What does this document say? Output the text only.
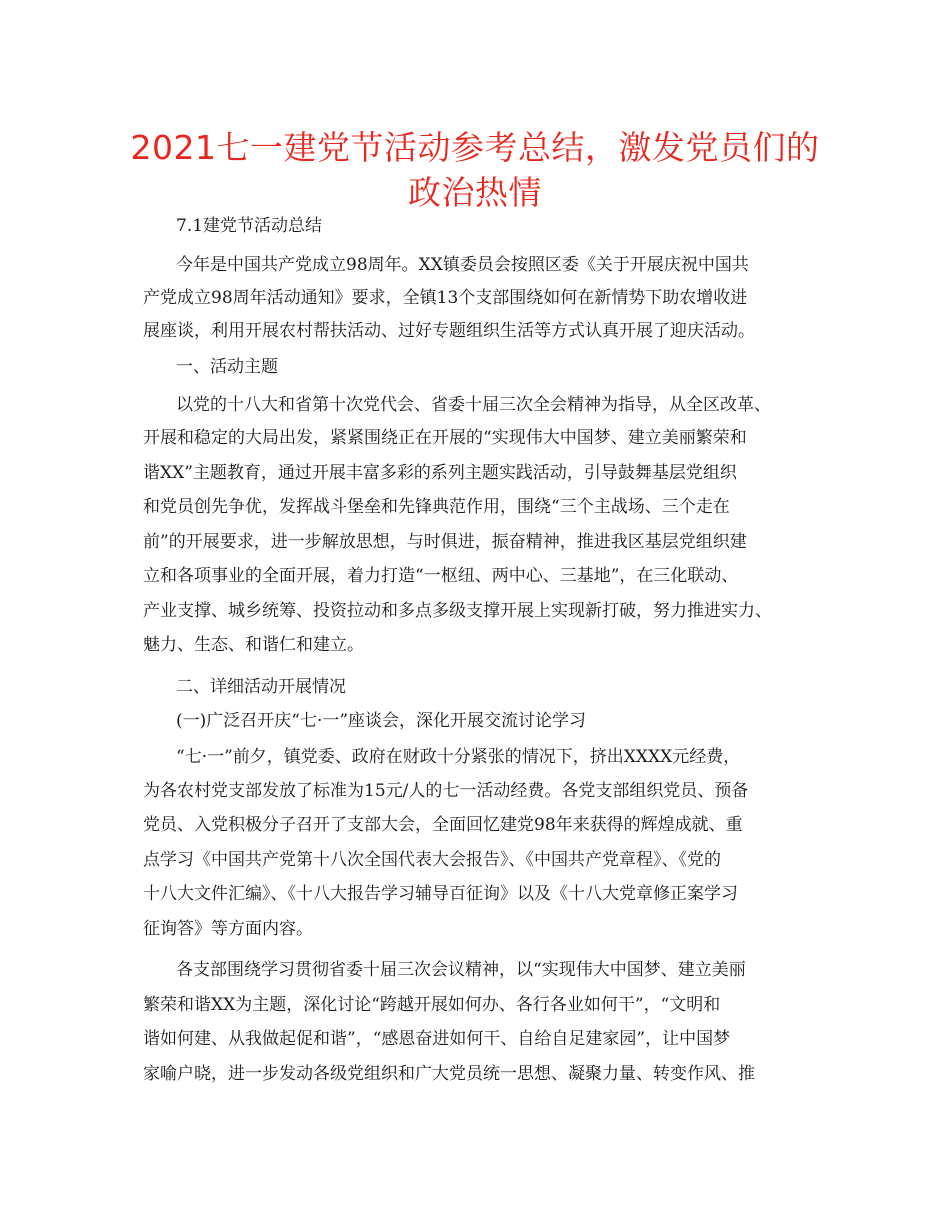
2021七一建党节活动参考总结，激发党员们的
政治热情
7.1建党节活动总结
今年是中国共产党成立98周年。XX镇委员会按照区委《关于开展庆祝中国共
产党成立98周年活动通知》要求，全镇13个支部围绕如何在新情势下助农增收进
展座谈，利用开展农村帮扶活动、过好专题组织生活等方式认真开展了迎庆活动。
一、活动主题
以党的十八大和省第十次党代会、省委十届三次全会精神为指导，从全区改革、
开展和稳定的大局出发，紧紧围绕正在开展的“实现伟大中国梦、建立美丽繁荣和
谐XX”主题教育，通过开展丰富多彩的系列主题实践活动，引导鼓舞基层党组织
和党员创先争优，发挥战斗堡垒和先锋典范作用，围绕“三个主战场、三个走在
前”的开展要求，进一步解放思想，与时俱进，振奋精神，推进我区基层党组织建
立和各项事业的全面开展，着力打造“一枢纽、两中心、三基地”，在三化联动、
产业支撑、城乡统筹、投资拉动和多点多级支撑开展上实现新打破，努力推进实力、
魅力、生态、和谐仁和建立。
二、详细活动开展情况
(一)广泛召开庆“七·一”座谈会，深化开展交流讨论学习
“七·一”前夕，镇党委、政府在财政十分紧张的情况下，挤出XXXX元经费，
为各农村党支部发放了标准为15元/人的七一活动经费。各党支部组织党员、预备
党员、入党积极分子召开了支部大会，全面回忆建党98年来获得的辉煌成就、重
点学习《中国共产党第十八次全国代表大会报告》、《中国共产党章程》、《党的
十八大文件汇编》、《十八大报告学习辅导百征询》以及《十八大党章修正案学习
征询答》等方面内容。
各支部围绕学习贯彻省委十届三次会议精神，以“实现伟大中国梦、建立美丽
繁荣和谐XX为主题，深化讨论“跨越开展如何办、各行各业如何干”，“文明和
谐如何建、从我做起促和谐”，“感恩奋进如何干、自给自足建家园”，让中国梦
家喻户晓，进一步发动各级党组织和广大党员统一思想、凝聚力量、转变作风、推
